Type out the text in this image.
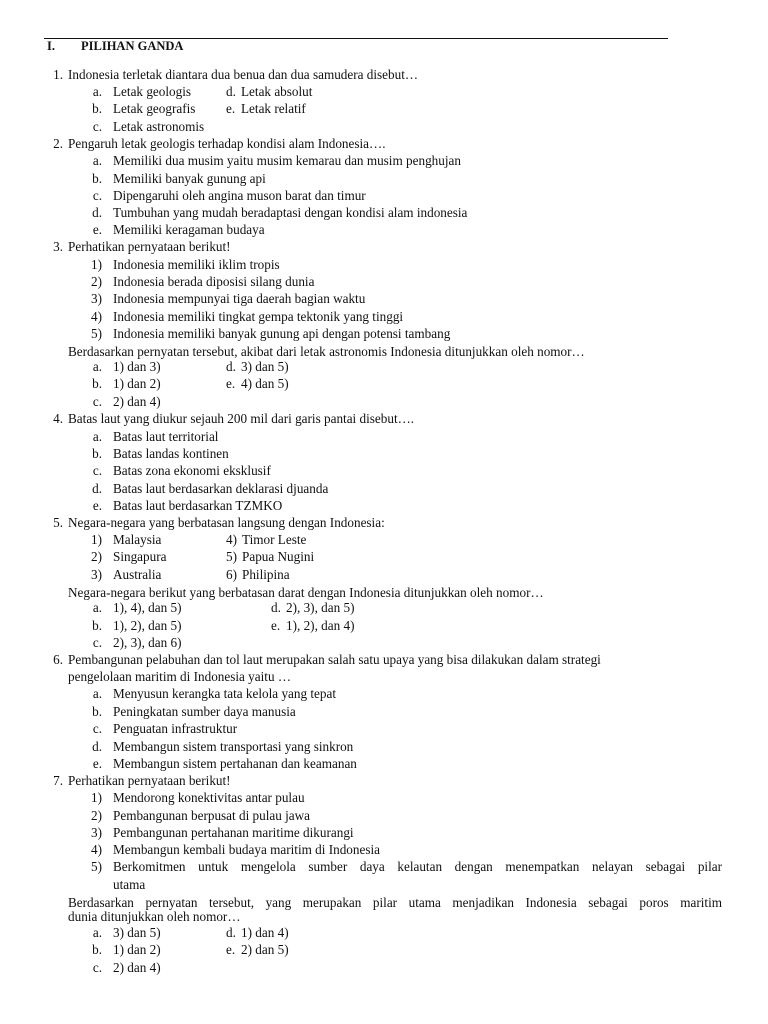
I. PILIHAN GANDA
1. Indonesia terletak diantara dua benua dan dua samudera disebut…
a. Letak geologis	d. Letak absolut
b. Letak geografis e. Letak relatif
c. Letak astronomis
2. Pengaruh letak geologis terhadap kondisi alam Indonesia….
a. Memiliki dua musim yaitu musim kemarau dan musim penghujan
b. Memiliki banyak gunung api
c. Dipengaruhi oleh angina muson barat dan timur
d. Tumbuhan yang mudah beradaptasi dengan kondisi alam indonesia
e. Memiliki keragaman budaya
3. Perhatikan pernyataan berikut!
1) Indonesia memiliki iklim tropis
2) Indonesia berada diposisi silang dunia
3) Indonesia mempunyai tiga daerah bagian waktu
4) Indonesia memiliki tingkat gempa tektonik yang tinggi
5) Indonesia memiliki banyak gunung api dengan potensi tambang
Berdasarkan pernyatan tersebut, akibat dari letak astronomis Indonesia ditunjukkan oleh nomor…
a. 1) dan 3)	d. 3) dan 5)
b. 1) dan 2)	e. 4) dan 5)
c. 2) dan 4)
4. Batas laut yang diukur sejauh 200 mil dari garis pantai disebut….
a. Batas laut territorial
b. Batas landas kontinen
c. Batas zona ekonomi eksklusif
d. Batas laut berdasarkan deklarasi djuanda
e. Batas laut berdasarkan TZMKO
5. Negara-negara yang berbatasan langsung dengan Indonesia:
1) Malaysia	4) Timor Leste
2) Singapura	5) Papua Nugini
3) Australia	6) Philipina
Negara-negara berikut yang berbatasan darat dengan Indonesia ditunjukkan oleh nomor…
a. 1), 4), dan 5)	d. 2), 3), dan 5)
b. 1), 2), dan 5)	e. 1), 2), dan 4)
c. 2), 3), dan 6)
6. Pembangunan pelabuhan dan tol laut merupakan salah satu upaya yang bisa dilakukan dalam strategi
pengelolaan maritim di Indonesia yaitu …
a. Menyusun kerangka tata kelola yang tepat
b. Peningkatan sumber daya manusia
c. Penguatan infrastruktur
d. Membangun sistem transportasi yang sinkron
e. Membangun sistem pertahanan dan keamanan
7. Perhatikan pernyataan berikut!
1) Mendorong konektivitas antar pulau
2) Pembangunan berpusat di pulau jawa
3) Pembangunan pertahanan maritime dikurangi
4) Membangun kembali budaya maritim di Indonesia
5) Berkomitmen untuk mengelola sumber daya kelautan dengan menempatkan nelayan sebagai pilar
utama
Berdasarkan pernyatan tersebut, yang merupakan pilar utama menjadikan Indonesia sebagai poros maritim
dunia ditunjukkan oleh nomor…
a. 3) dan 5)	d. 1) dan 4)
b. 1) dan 2)	e. 2) dan 5)
c. 2) dan 4)
